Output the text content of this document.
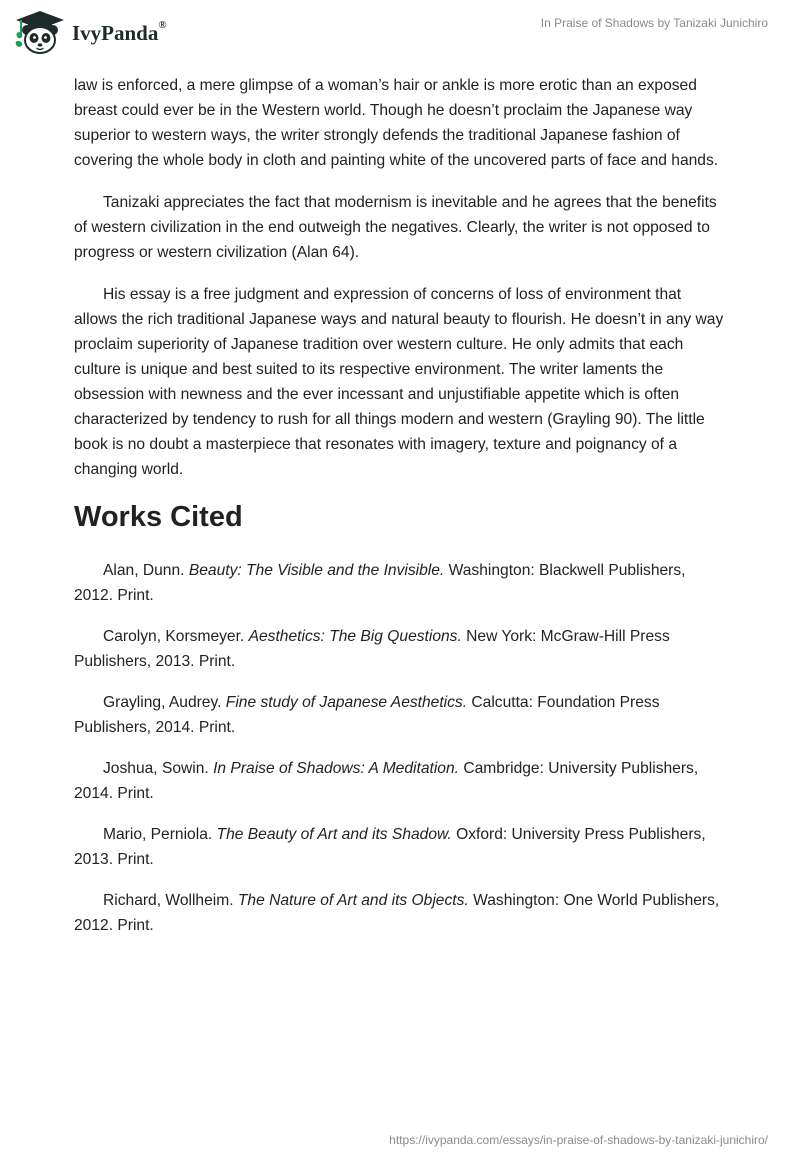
IvyPanda®	In Praise of Shadows by Tanizaki Junichiro

law is enforced, a mere glimpse of a woman’s hair or ankle is more erotic than an exposed breast could ever be in the Western world. Though he doesn’t proclaim the Japanese way superior to western ways, the writer strongly defends the traditional Japanese fashion of covering the whole body in cloth and painting white of the uncovered parts of face and hands.

Tanizaki appreciates the fact that modernism is inevitable and he agrees that the benefits of western civilization in the end outweigh the negatives. Clearly, the writer is not opposed to progress or western civilization (Alan 64).

His essay is a free judgment and expression of concerns of loss of environment that allows the rich traditional Japanese ways and natural beauty to flourish. He doesn’t in any way proclaim superiority of Japanese tradition over western culture. He only admits that each culture is unique and best suited to its respective environment. The writer laments the obsession with newness and the ever incessant and unjustifiable appetite which is often characterized by tendency to rush for all things modern and western (Grayling 90). The little book is no doubt a masterpiece that resonates with imagery, texture and poignancy of a changing world.

Works Cited

Alan, Dunn. Beauty: The Visible and the Invisible. Washington: Blackwell Publishers, 2012. Print.

Carolyn, Korsmeyer. Aesthetics: The Big Questions. New York: McGraw-Hill Press Publishers, 2013. Print.

Grayling, Audrey. Fine study of Japanese Aesthetics. Calcutta: Foundation Press Publishers, 2014. Print.

Joshua, Sowin. In Praise of Shadows: A Meditation. Cambridge: University Publishers, 2014. Print.

Mario, Perniola. The Beauty of Art and its Shadow. Oxford: University Press Publishers, 2013. Print.

Richard, Wollheim. The Nature of Art and its Objects. Washington: One World Publishers, 2012. Print.

https://ivypanda.com/essays/in-praise-of-shadows-by-tanizaki-junichiro/
